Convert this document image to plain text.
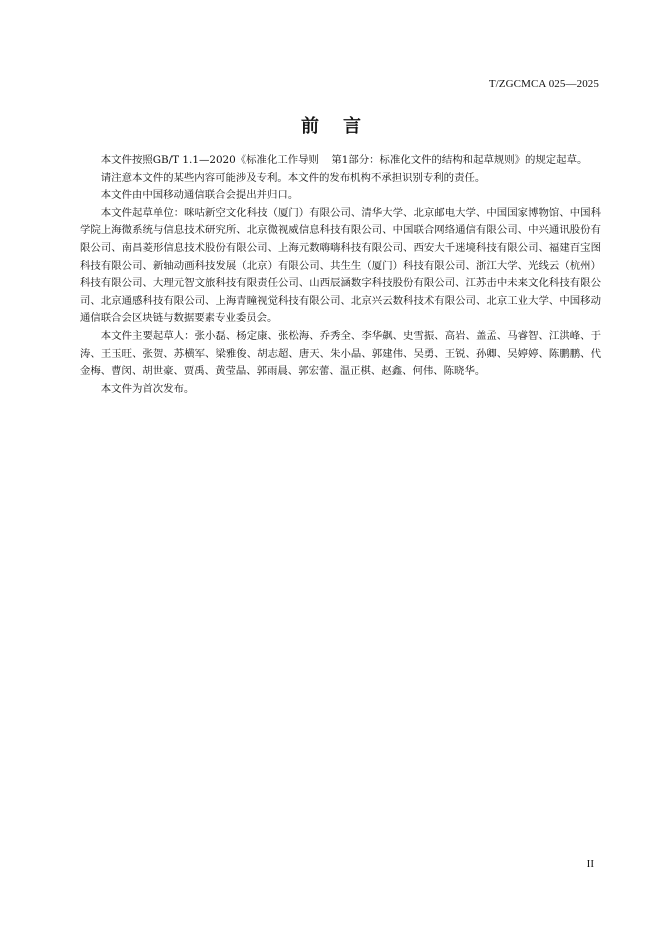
T/ZGCMCA 025—2025
前言

本文件按照GB/T 1.1—2020《标准化工作导则 第1部分：标准化文件的结构和起草规则》的规定起草。

请注意本文件的某些内容可能涉及专利。本文件的发布机构不承担识别专利的责任。

本文件由中国移动通信联合会提出并归口。

本文件起草单位：咪咕新空文化科技（厦门）有限公司、清华大学、北京邮电大学、中国国家博物馆、中国科学院上海微系统与信息技术研究所、北京微视威信息科技有限公司、中国联合网络通信有限公司、中兴通讯股份有限公司、南昌菱形信息技术股份有限公司、上海元数嗨嗨科技有限公司、西安大千迷境科技有限公司、福建百宝图科技有限公司、新轴动画科技发展（北京）有限公司、共生生（厦门）科技有限公司、浙江大学、光线云（杭州）科技有限公司、大理元智文旅科技有限责任公司、山西辰涵数字科技股份有限公司、江苏击中未来文化科技有限公司、北京通感科技有限公司、上海青瞳视觉科技有限公司、北京兴云数科技术有限公司、北京工业大学、中国移动通信联合会区块链与数据要素专业委员会。

本文件主要起草人：张小磊、杨定康、张松海、乔秀全、李华飙、史雪振、高岩、盖孟、马睿智、江洪峰、于涛、王玉旺、张贺、苏横军、梁雅俊、胡志超、唐天、朱小晶、郭建伟、吴勇、王锐、孙卿、吴婷婷、陈鹏鹏、代金梅、曹闵、胡世豪、贾禹、黄莹晶、郭雨晨、郭宏蕾、温正棋、赵鑫、何伟、陈晓华。

本文件为首次发布。

II
